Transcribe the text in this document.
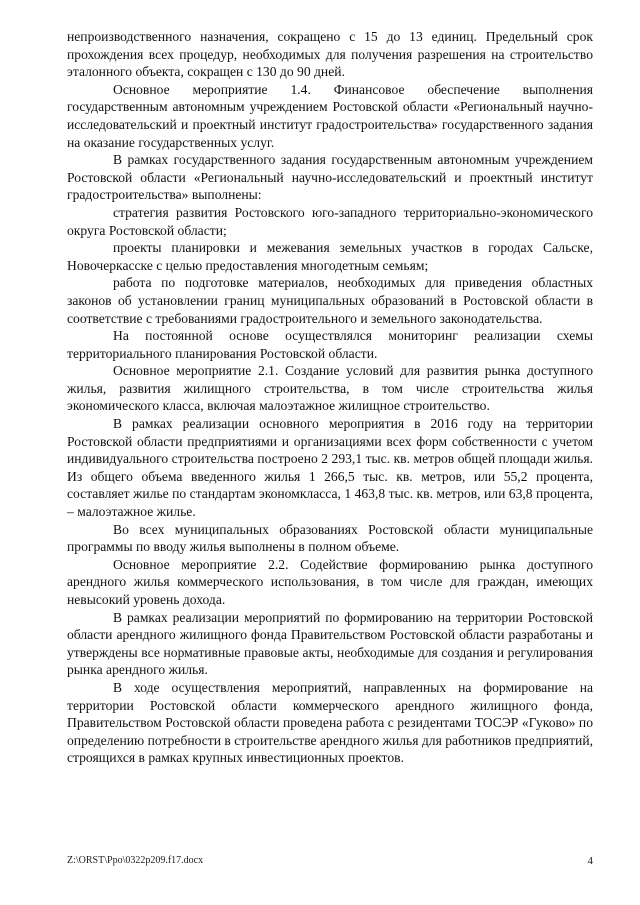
непроизводственного назначения, сокращено с 15 до 13 единиц. Предельный срок прохождения всех процедур, необходимых для получения разрешения на строительство эталонного объекта, сокращен с 130 до 90 дней.

Основное мероприятие 1.4. Финансовое обеспечение выполнения государственным автономным учреждением Ростовской области «Региональный научно-исследовательский и проектный институт градостроительства» государственного задания на оказание государственных услуг.

В рамках государственного задания государственным автономным учреждением Ростовской области «Региональный научно-исследовательский и проектный институт градостроительства» выполнены:

стратегия развития Ростовского юго-западного территориально-экономического округа Ростовской области;

проекты планировки и межевания земельных участков в городах Сальске, Новочеркасске с целью предоставления многодетным семьям;

работа по подготовке материалов, необходимых для приведения областных законов об установлении границ муниципальных образований в Ростовской области в соответствие с требованиями градостроительного и земельного законодательства.

На постоянной основе осуществлялся мониторинг реализации схемы территориального планирования Ростовской области.

Основное мероприятие 2.1. Создание условий для развития рынка доступного жилья, развития жилищного строительства, в том числе строительства жилья экономического класса, включая малоэтажное жилищное строительство.

В рамках реализации основного мероприятия в 2016 году на территории Ростовской области предприятиями и организациями всех форм собственности с учетом индивидуального строительства построено 2 293,1 тыс. кв. метров общей площади жилья. Из общего объема введенного жилья 1 266,5 тыс. кв. метров, или 55,2 процента, составляет жилье по стандартам экономкласса, 1 463,8 тыс. кв. метров, или 63,8 процента, – малоэтажное жилье.

Во всех муниципальных образованиях Ростовской области муниципальные программы по вводу жилья выполнены в полном объеме.

Основное мероприятие 2.2. Содействие формированию рынка доступного арендного жилья коммерческого использования, в том числе для граждан, имеющих невысокий уровень дохода.

В рамках реализации мероприятий по формированию на территории Ростовской области арендного жилищного фонда Правительством Ростовской области разработаны и утверждены все нормативные правовые акты, необходимые для создания и регулирования рынка арендного жилья.

В ходе осуществления мероприятий, направленных на формирование на территории Ростовской области коммерческого арендного жилищного фонда, Правительством Ростовской области проведена работа с резидентами ТОСЭР «Гуково» по определению потребности в строительстве арендного жилья для работников предприятий, строящихся в рамках крупных инвестиционных проектов.

Z:\ORST\Ppo\0322p209.f17.docx	4
